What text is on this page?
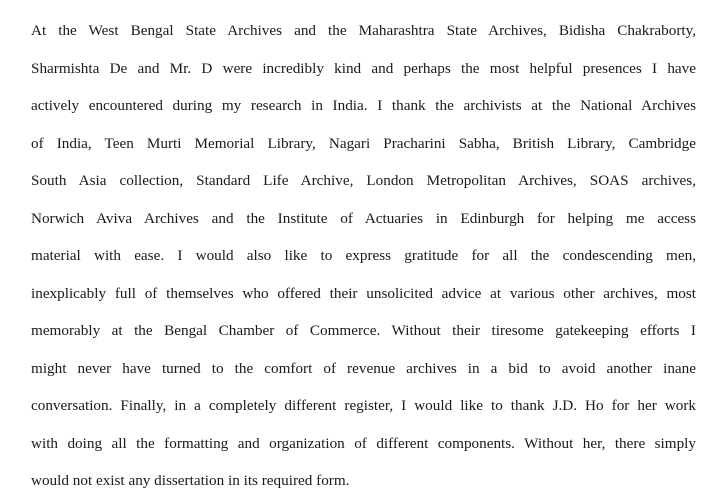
At the West Bengal State Archives and the Maharashtra State Archives, Bidisha Chakraborty,
Sharmishta De and Mr. D were incredibly kind and perhaps the most helpful presences I have
actively encountered during my research in India. I thank the archivists at the National Archives
of India, Teen Murti Memorial Library, Nagari Pracharini Sabha, British Library, Cambridge
South Asia collection, Standard Life Archive, London Metropolitan Archives, SOAS archives,
Norwich Aviva Archives and the Institute of Actuaries in Edinburgh for helping me access
material with ease. I would also like to express gratitude for all the condescending men,
inexplicably full of themselves who offered their unsolicited advice at various other archives, most
memorably at the Bengal Chamber of Commerce. Without their tiresome gatekeeping efforts I
might never have turned to the comfort of revenue archives in a bid to avoid another inane
conversation. Finally, in a completely different register, I would like to thank J.D. Ho for her work
with doing all the formatting and organization of different components. Without her, there simply
would not exist any dissertation in its required form.
